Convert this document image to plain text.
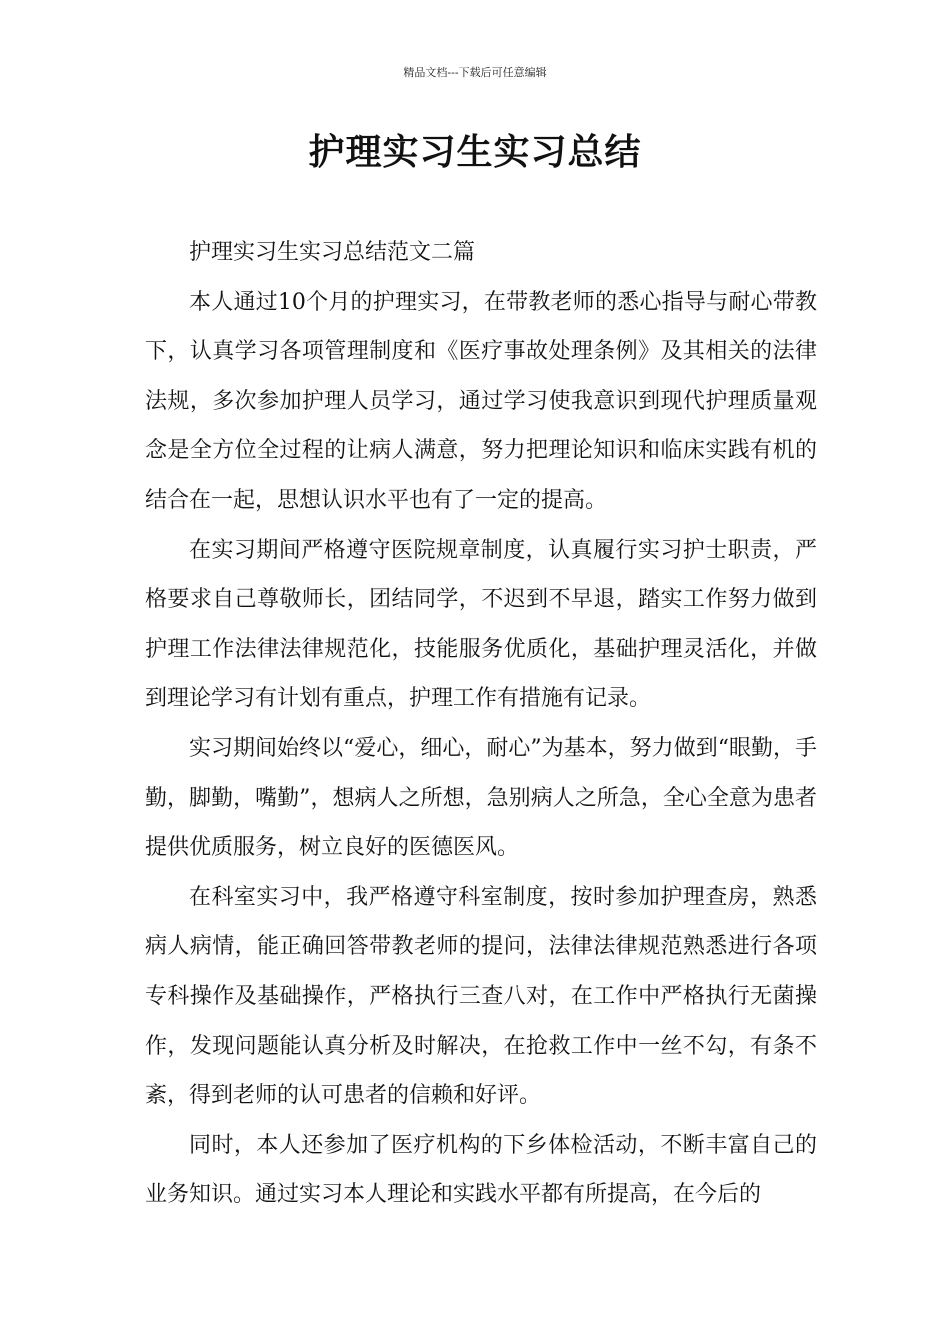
精品文档---下载后可任意编辑
护理实习生实习总结

护理实习生实习总结范文二篇

本人通过10个月的护理实习，在带教老师的悉心指导与耐心带教下，认真学习各项管理制度和《医疗事故处理条例》及其相关的法律法规，多次参加护理人员学习，通过学习使我意识到现代护理质量观念是全方位全过程的让病人满意，努力把理论知识和临床实践有机的结合在一起，思想认识水平也有了一定的提高。

在实习期间严格遵守医院规章制度，认真履行实习护士职责，严格要求自己尊敬师长，团结同学，不迟到不早退，踏实工作努力做到护理工作法律法律规范化，技能服务优质化，基础护理灵活化，并做到理论学习有计划有重点，护理工作有措施有记录。

实习期间始终以“爱心，细心，耐心”为基本，努力做到“眼勤，手勤，脚勤，嘴勤”，想病人之所想，急别病人之所急，全心全意为患者提供优质服务，树立良好的医德医风。

在科室实习中，我严格遵守科室制度，按时参加护理查房，熟悉病人病情，能正确回答带教老师的提问，法律法律规范熟悉进行各项专科操作及基础操作，严格执行三查八对，在工作中严格执行无菌操作，发现问题能认真分析及时解决，在抢救工作中一丝不勾，有条不紊，得到老师的认可患者的信赖和好评。

同时，本人还参加了医疗机构的下乡体检活动，不断丰富自己的业务知识。通过实习本人理论和实践水平都有所提高，在今后的
